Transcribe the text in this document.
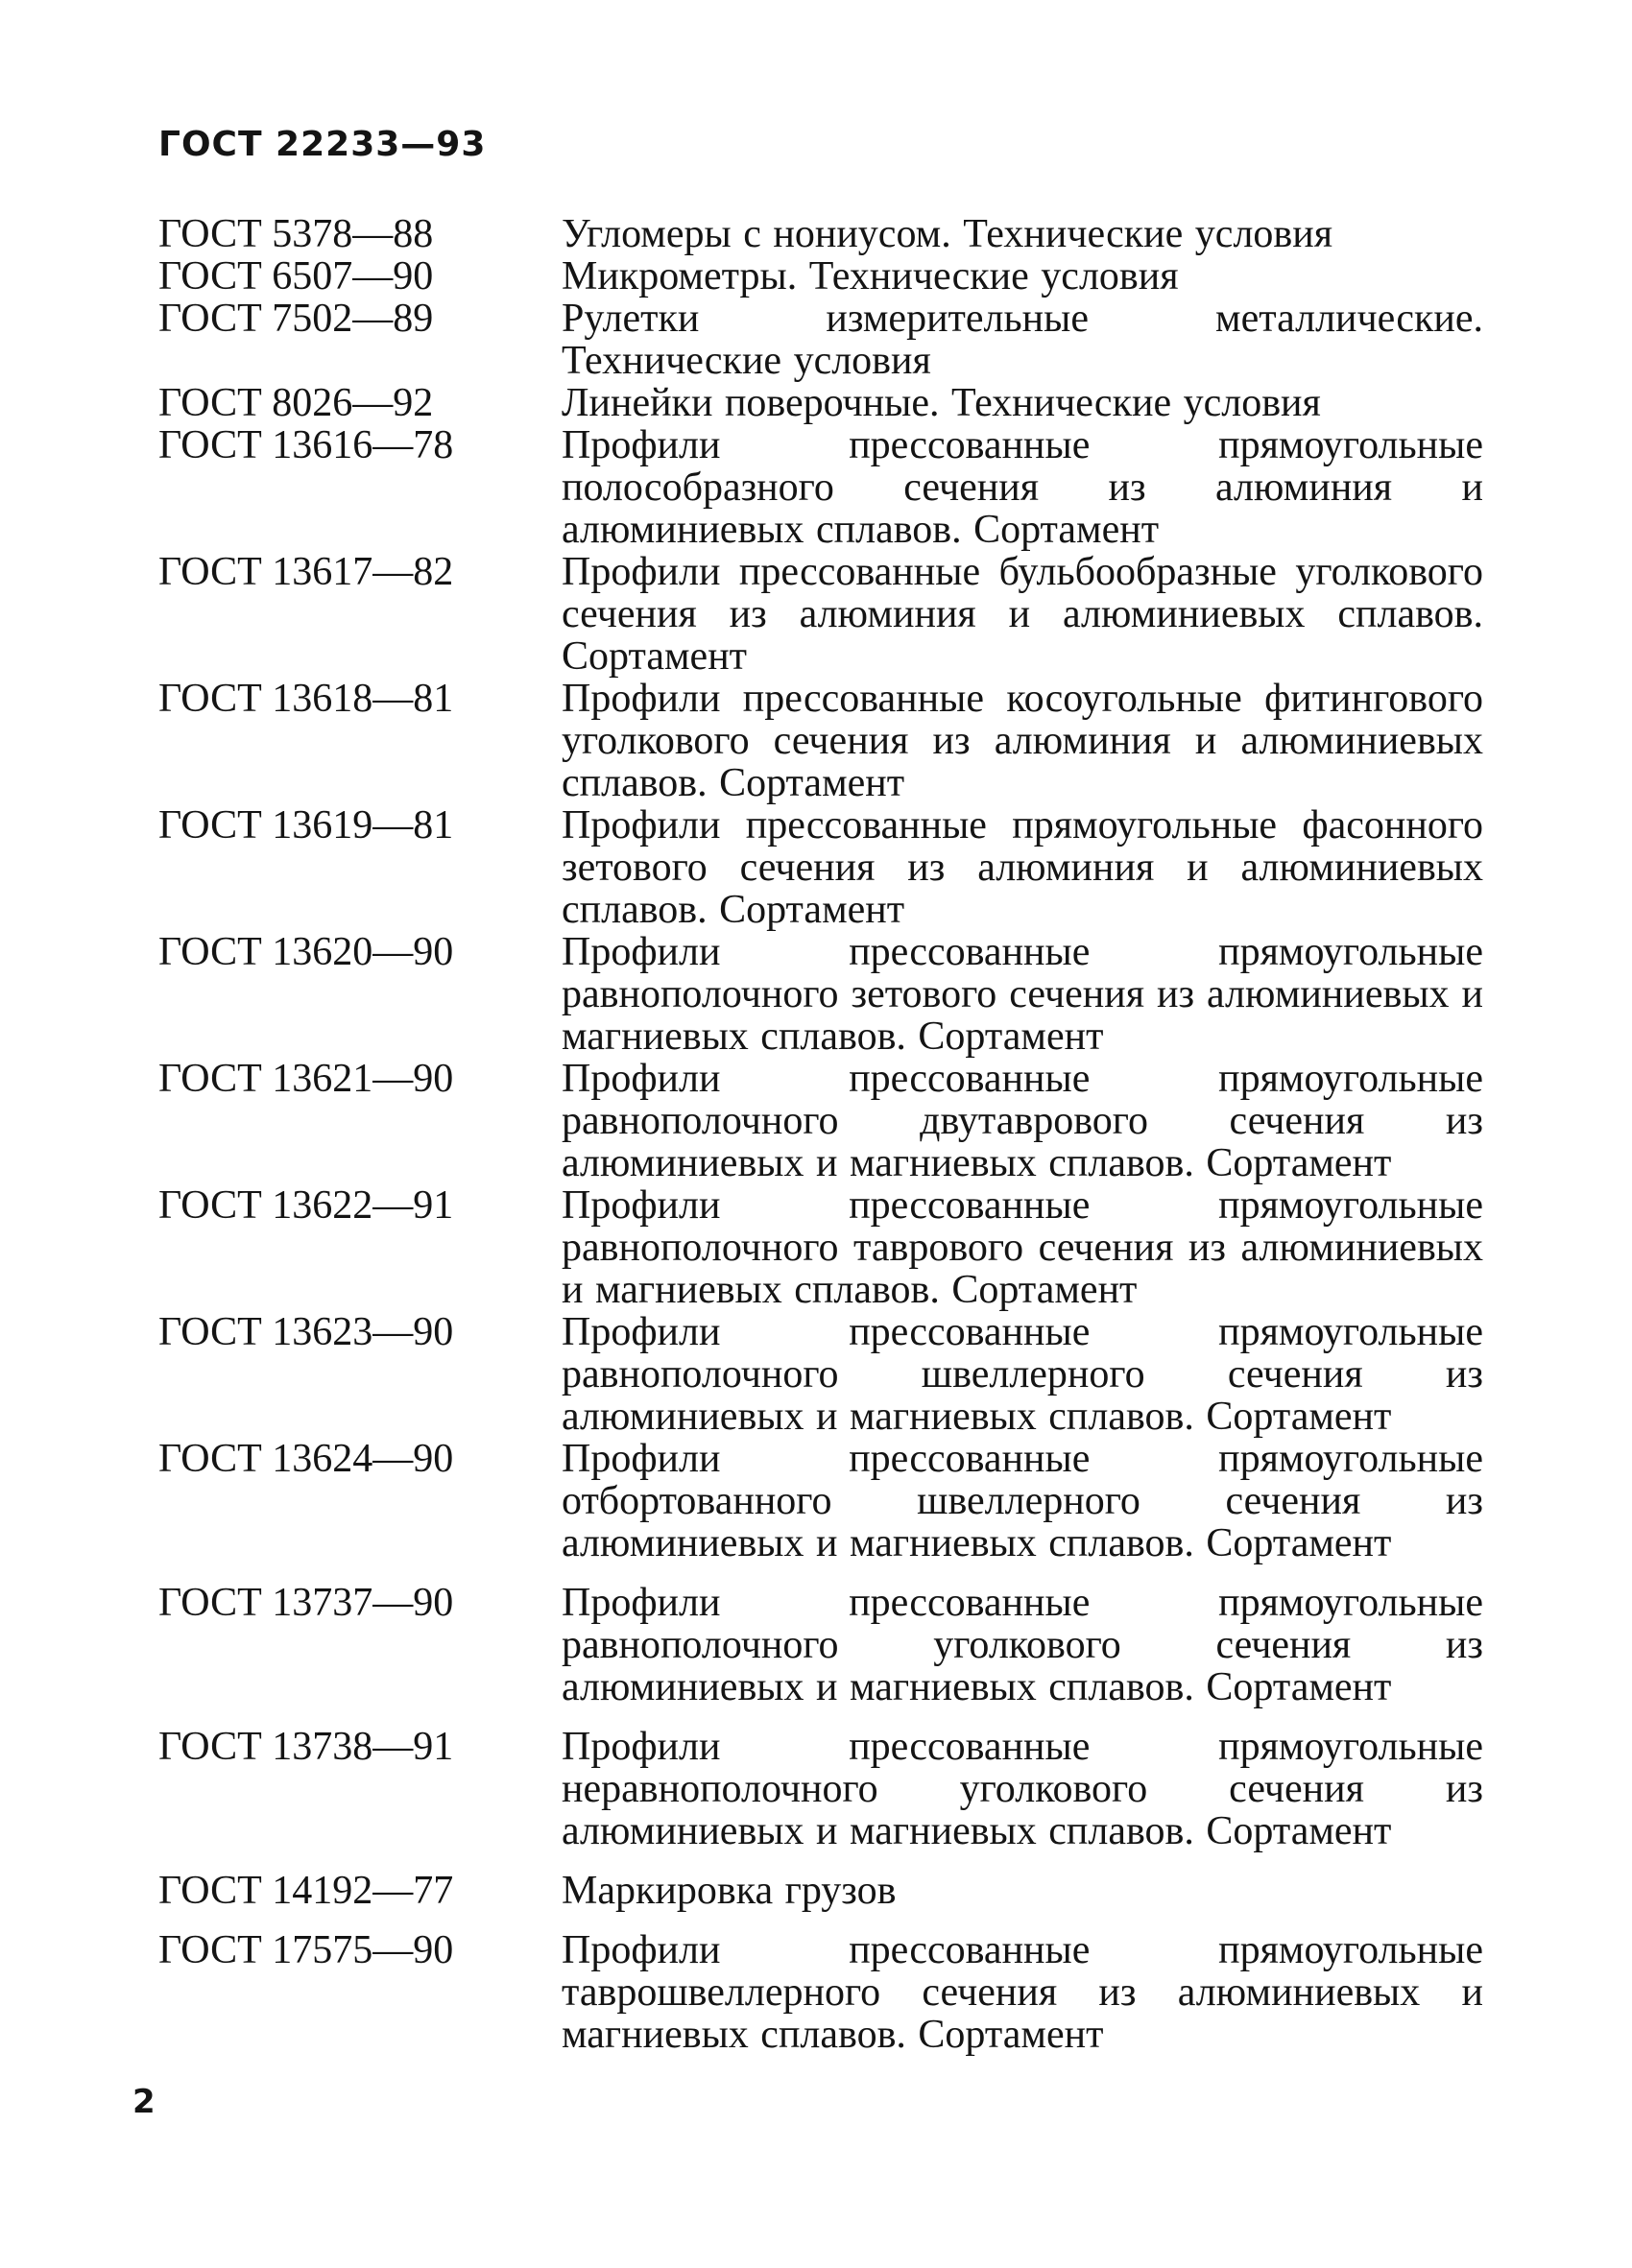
ГОСТ 22233—93
ГОСТ 5378—88	Угломеры с нониусом. Технические условия
ГОСТ 6507—90	Микрометры. Технические условия
ГОСТ 7502—89	Рулетки измерительные металлические. Технические условия
ГОСТ 8026—92	Линейки поверочные. Технические условия
ГОСТ 13616—78	Профили прессованные прямоугольные полособразного сечения из алюминия и алюминиевых сплавов. Сортамент
ГОСТ 13617—82	Профили прессованные бульбообразные уголкового сечения из алюминия и алюминиевых сплавов. Сортамент
ГОСТ 13618—81	Профили прессованные косоугольные фитингового уголкового сечения из алюминия и алюминиевых сплавов. Сортамент
ГОСТ 13619—81	Профили прессованные прямоугольные фасонного зетового сечения из алюминия и алюминиевых сплавов. Сортамент
ГОСТ 13620—90	Профили прессованные прямоугольные равнополочного зетового сечения из алюминиевых и магниевых сплавов. Сортамент
ГОСТ 13621—90	Профили прессованные прямоугольные равнополочного двутаврового сечения из алюминиевых и магниевых сплавов. Сортамент
ГОСТ 13622—91	Профили прессованные прямоугольные равнополочного таврового сечения из алюминиевых и магниевых сплавов. Сортамент
ГОСТ 13623—90	Профили прессованные прямоугольные равнополочного швеллерного сечения из алюминиевых и магниевых сплавов. Сортамент
ГОСТ 13624—90	Профили прессованные прямоугольные отбортованного швеллерного сечения из алюминиевых и магниевых сплавов. Сортамент
ГОСТ 13737—90	Профили прессованные прямоугольные равнополочного уголкового сечения из алюминиевых и магниевых сплавов. Сортамент
ГОСТ 13738—91	Профили прессованные прямоугольные неравнополочного уголкового сечения из алюминиевых и магниевых сплавов. Сортамент
ГОСТ 14192—77	Маркировка грузов
ГОСТ 17575—90	Профили прессованные прямоугольные таврошвеллерного сечения из алюминиевых и магниевых сплавов. Сортамент
2
